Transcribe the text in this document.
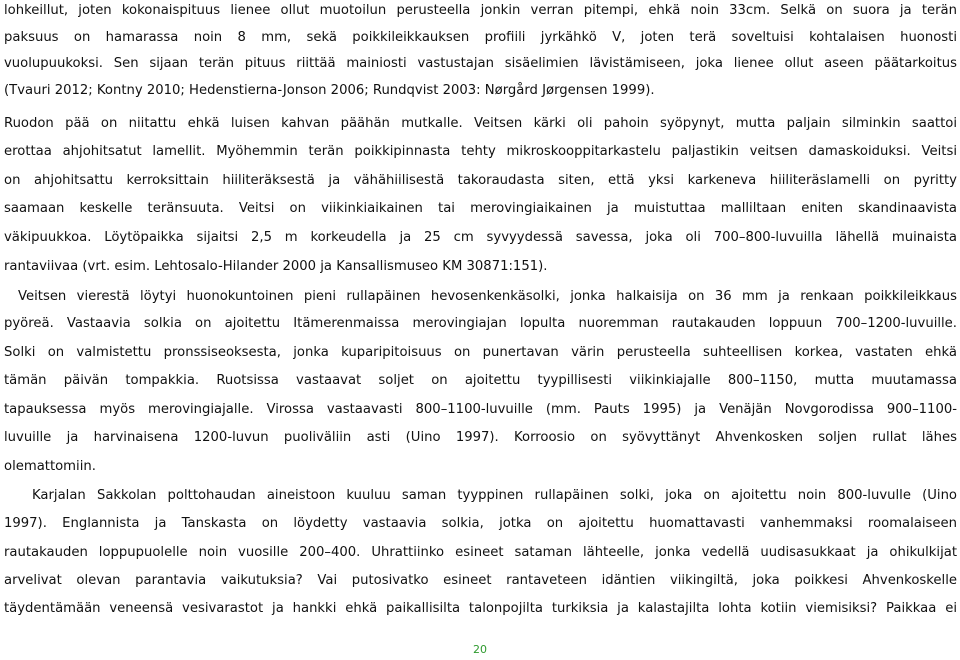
lohkeillut, joten kokonaispituus lienee ollut muotoilun perusteella jonkin verran pitempi, ehkä noin 33cm. Selkä on suora ja terän
paksuus on hamarassa noin 8 mm, sekä poikkileikkauksen profiili jyrkähkö V, joten terä soveltuisi kohtalaisen huonosti
vuolupuukoksi. Sen sijaan terän pituus riittää mainiosti vastustajan sisäelimien lävistämiseen, joka lienee ollut aseen päätarkoitus
(Tvauri 2012; Kontny 2010; Hedenstierna-Jonson 2006; Rundqvist 2003: Nørgård Jørgensen 1999).
Ruodon pää on niitattu ehkä luisen kahvan päähän mutkalle. Veitsen kärki oli pahoin syöpynyt, mutta paljain silminkin saattoi
erottaa ahjohitsatut lamellit. Myöhemmin terän poikkipinnasta tehty mikroskooppitarkastelu paljastikin veitsen damaskoiduksi. Veitsi
on ahjohitsattu kerroksittain hiiliteräksestä ja vähähiilisestä takoraudasta siten, että yksi karkeneva hiiliteräslamelli on pyritty
saamaan keskelle teränsuuta. Veitsi on viikinkiaikainen tai merovingiaikainen ja muistuttaa malliltaan eniten skandinaavista
väkipuukkoa. Löytöpaikka sijaitsi 2,5 m korkeudella ja 25 cm syvyydessä savessa, joka oli 700–800-luvuilla lähellä muinaista
rantaviivaa (vrt. esim. Lehtosalo-Hilander 2000 ja Kansallismuseo KM 30871:151).
Veitsen vierestä löytyi huonokuntoinen pieni rullapäinen hevosenkenkäsolki, jonka halkaisija on 36 mm ja renkaan poikkileikkaus
pyöreä. Vastaavia solkia on ajoitettu Itämerenmaissa merovingiajan lopulta nuoremman rautakauden loppuun 700–1200-luvuille.
Solki on valmistettu pronssiseoksesta, jonka kuparipitoisuus on punertavan värin perusteella suhteellisen korkea, vastaten ehkä
tämän päivän tompakkia. Ruotsissa vastaavat soljet on ajoitettu tyypillisesti viikinkiajalle 800–1150, mutta muutamassa
tapauksessa myös merovingiajalle. Virossa vastaavasti 800–1100-luvuille (mm. Pauts 1995) ja Venäjän Novgorodissa 900–1100-
luvuille ja harvinaisena 1200-luvun puoliväliin asti (Uino 1997). Korroosio on syövyttänyt Ahvenkosken soljen rullat lähes
olemattomiin.
Karjalan Sakkolan polttohaudan aineistoon kuuluu saman tyyppinen rullapäinen solki, joka on ajoitettu noin 800-luvulle (Uino
1997). Englannista ja Tanskasta on löydetty vastaavia solkia, jotka on ajoitettu huomattavasti vanhemmaksi roomalaiseen
rautakauden loppupuolelle noin vuosille 200–400. Uhrattiinko esineet sataman lähteelle, jonka vedellä uudisasukkaat ja ohikulkijat
arvelivat olevan parantavia vaikutuksia? Vai putosivatko esineet rantaveteen idäntien viikingiltä, joka poikkesi Ahvenkoskelle
täydentämään veneensä vesivarastot ja hankki ehkä paikallisilta talonpojilta turkiksia ja kalastajilta lohta kotiin viemisiksi? Paikkaa ei
20
